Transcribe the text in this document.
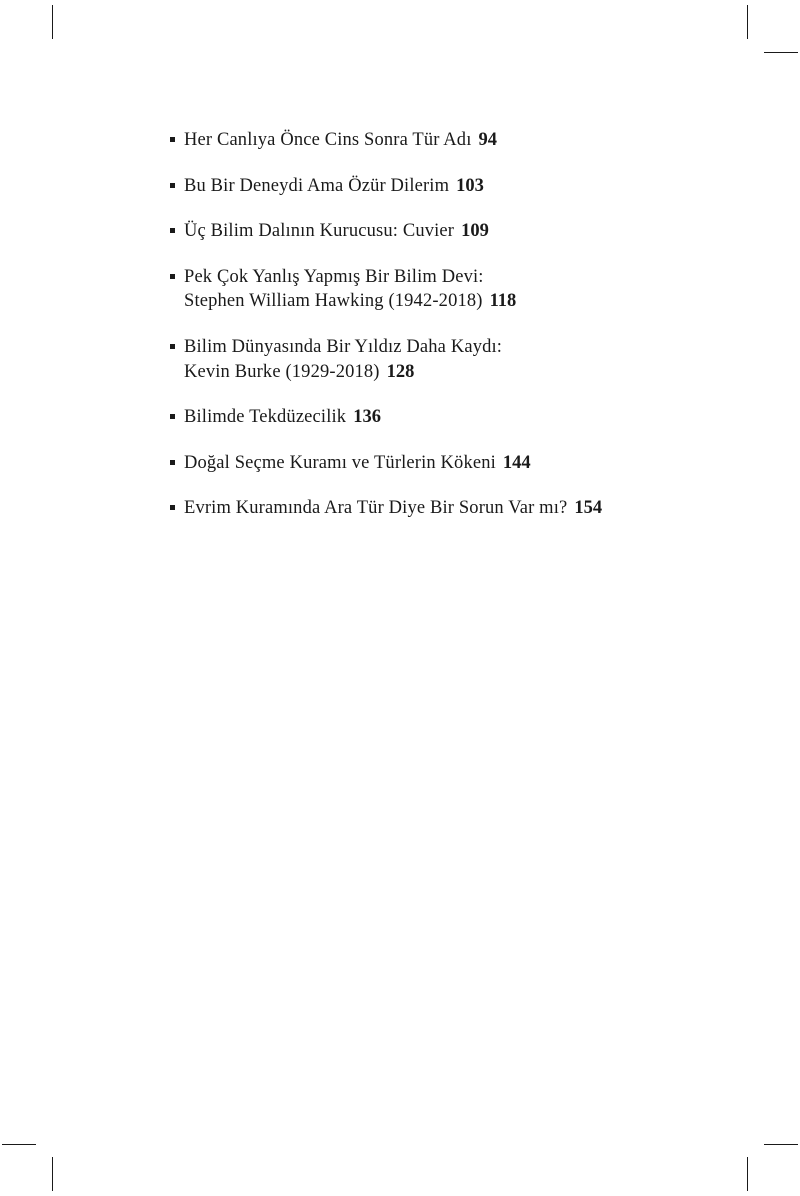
Her Canlıya Önce Cins Sonra Tür Adı 94
Bu Bir Deneydi Ama Özür Dilerim 103
Üç Bilim Dalının Kurucusu: Cuvier 109
Pek Çok Yanlış Yapmış Bir Bilim Devi:
Stephen William Hawking (1942-2018) 118
Bilim Dünyasında Bir Yıldız Daha Kaydı:
Kevin Burke (1929-2018) 128
Bilimde Tekdüzecilik 136
Doğal Seçme Kuramı ve Türlerin Kökeni 144
Evrim Kuramında Ara Tür Diye Bir Sorun Var mı? 154
